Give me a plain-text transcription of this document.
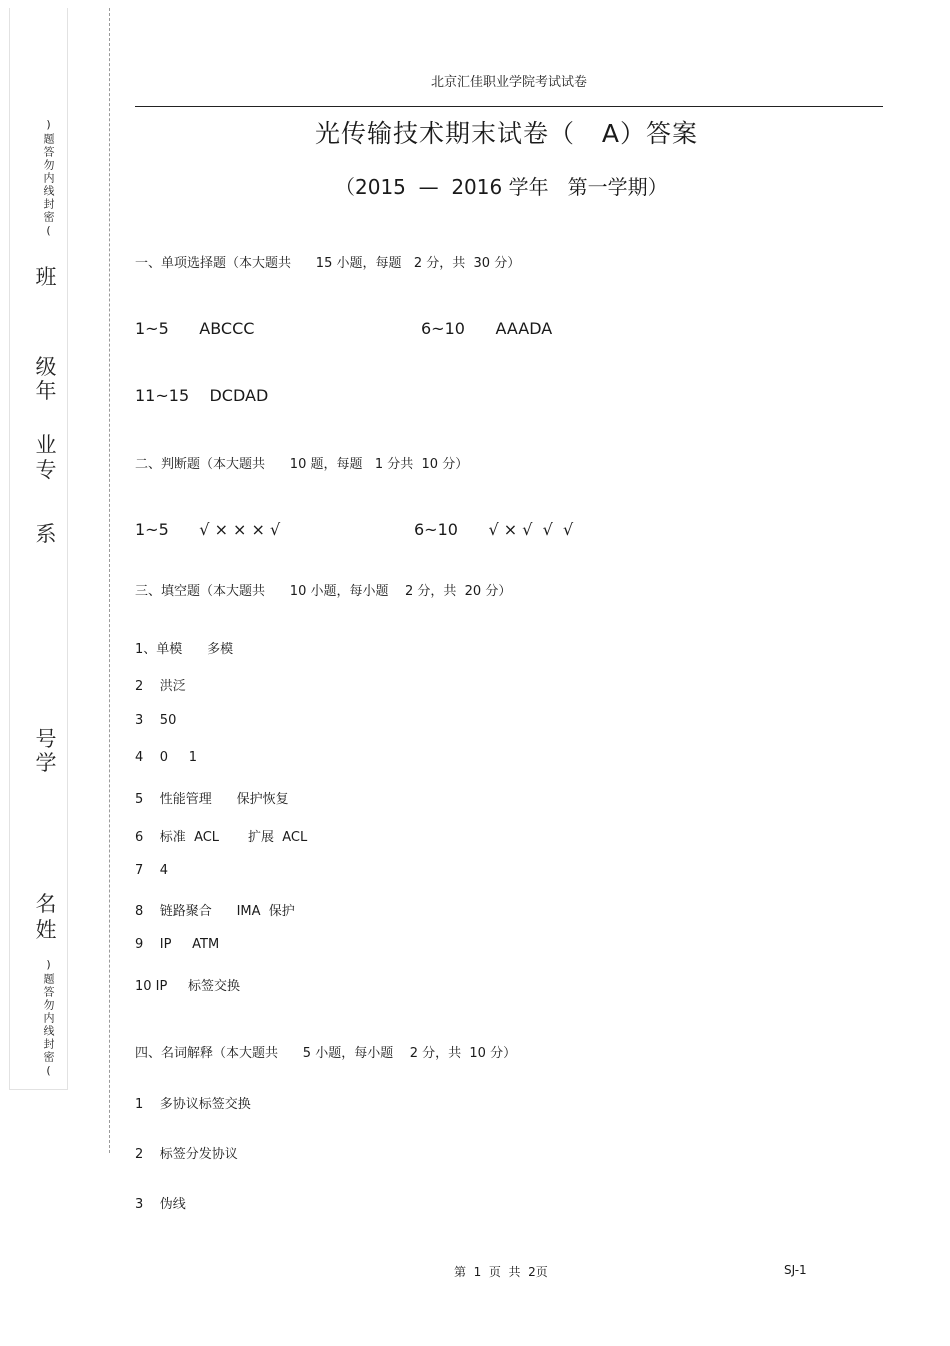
)题答勿内线封密(
班
级
年
业
专
系
号
学
名
姓
)题答勿内线封密(
北京汇佳职业学院考试试卷
光传输技术期末试卷（   A）答案
（2015  —  2016 学年   第一学期）
一、单项选择题（本大题共      15 小题，每题   2 分，共  30 分）
1~5      ABCCC	6~10      AAADA
11~15    DCDAD
二、判断题（本大题共      10 题，每题   1 分共  10 分）
1~5      √ × × × √	6~10      √ × √  √  √
三、填空题（本大题共      10 小题，每小题    2 分，共  20 分）
1、单模      多模
2    洪泛
3    50
4    0     1
5    性能管理      保护恢复
6    标准  ACL       扩展  ACL
7    4
8    链路聚合      IMA  保护
9    IP     ATM
10 IP     标签交换
四、名词解释（本大题共      5 小题，每小题    2 分，共  10 分）
1    多协议标签交换
2    标签分发协议
3    伪线
第  1  页  共  2页	SJ-1
